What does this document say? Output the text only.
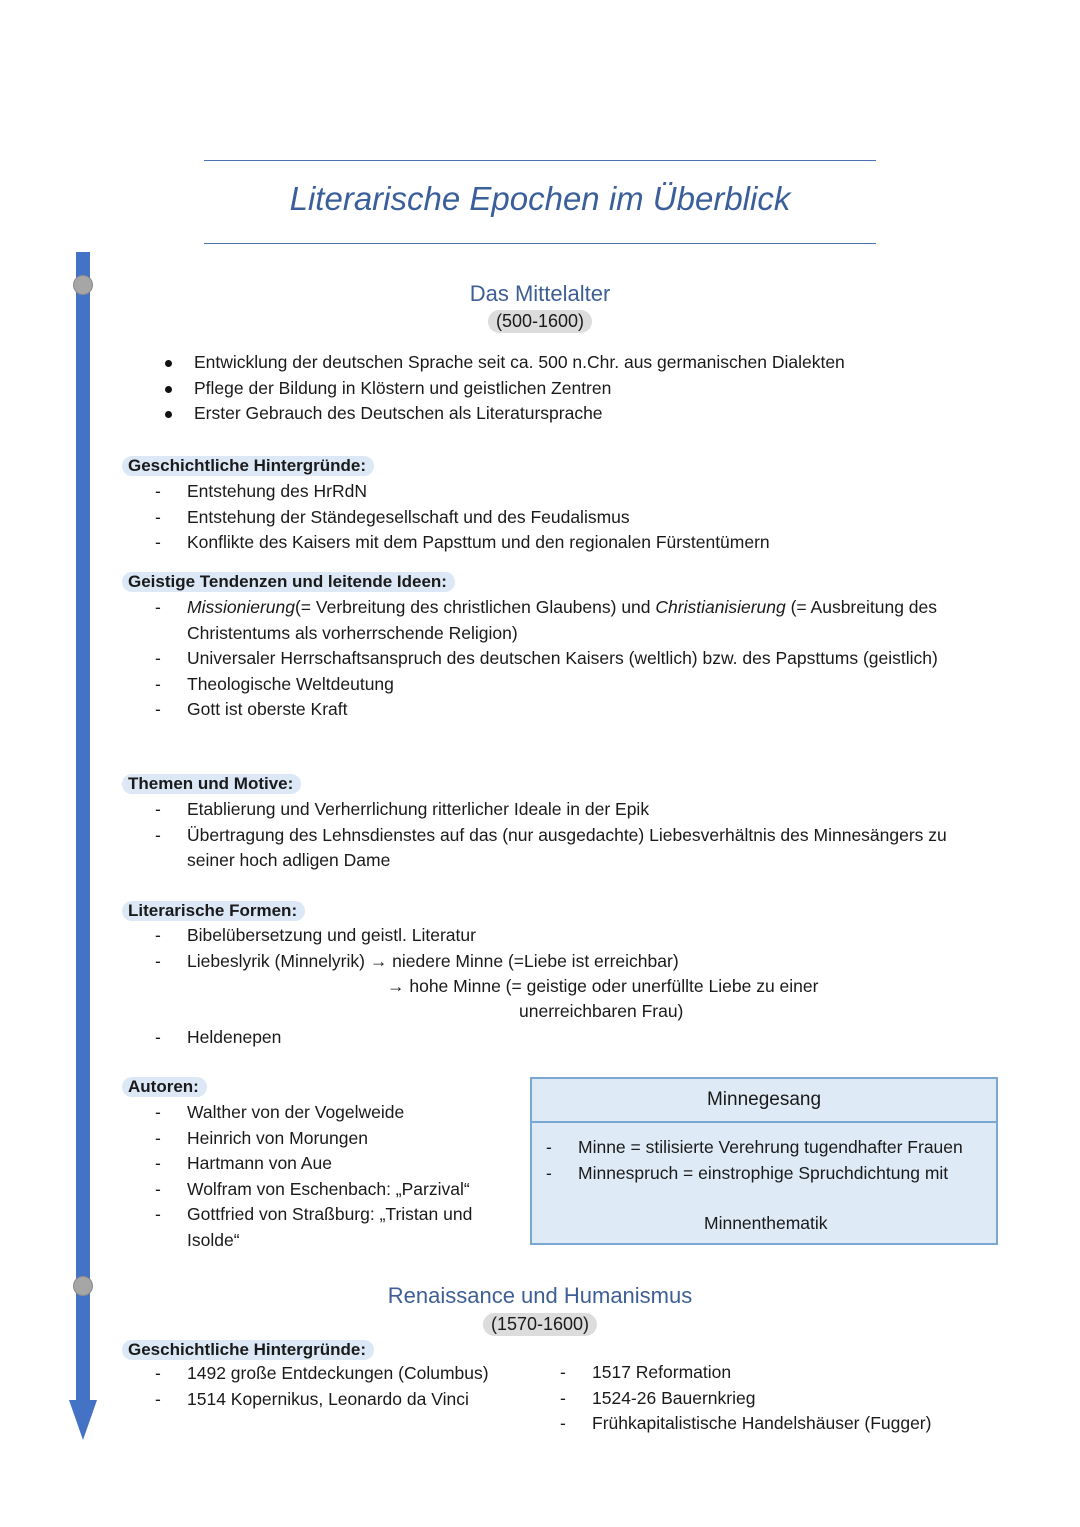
Literarische Epochen im Überblick
Das Mittelalter
(500-1600)
Entwicklung der deutschen Sprache seit ca. 500 n.Chr. aus germanischen Dialekten
Pflege der Bildung in Klöstern und geistlichen Zentren
Erster Gebrauch des Deutschen als Literatursprache
Geschichtliche Hintergründe:
- Entstehung des HrRdN
- Entstehung der Ständegesellschaft und des Feudalismus
- Konflikte des Kaisers mit dem Papsttum und den regionalen Fürstentümern
Geistige Tendenzen und leitende Ideen:
- Missionierung(= Verbreitung des christlichen Glaubens) und Christianisierung (= Ausbreitung des Christentums als vorherrschende Religion)
- Universaler Herrschaftsanspruch des deutschen Kaisers (weltlich) bzw. des Papsttums (geistlich)
- Theologische Weltdeutung
- Gott ist oberste Kraft
Themen und Motive:
- Etablierung und Verherrlichung ritterlicher Ideale in der Epik
- Übertragung des Lehnsdienstes auf das (nur ausgedachte) Liebesverhältnis des Minnesängers zu seiner hoch adligen Dame
Literarische Formen:
- Bibelübersetzung und geistl. Literatur
- Liebeslyrik (Minnelyrik) → niedere Minne (=Liebe ist erreichbar)
→ hohe Minne (= geistige oder unerfüllte Liebe zu einer
unerreichbaren Frau)
- Heldenepen
Autoren:
- Walther von der Vogelweide
- Heinrich von Morungen
- Hartmann von Aue
- Wolfram von Eschenbach: „Parzival“
- Gottfried von Straßburg: „Tristan und Isolde“
Minnegesang
- Minne = stilisierte Verehrung tugendhafter Frauen
- Minnespruch = einstrophige Spruchdichtung mit
Minnenthematik
Renaissance und Humanismus
(1570-1600)
Geschichtliche Hintergründe:
- 1492 große Entdeckungen (Columbus)
- 1514 Kopernikus, Leonardo da Vinci
- 1517 Reformation
- 1524-26 Bauernkrieg
- Frühkapitalistische Handelshäuser (Fugger)
